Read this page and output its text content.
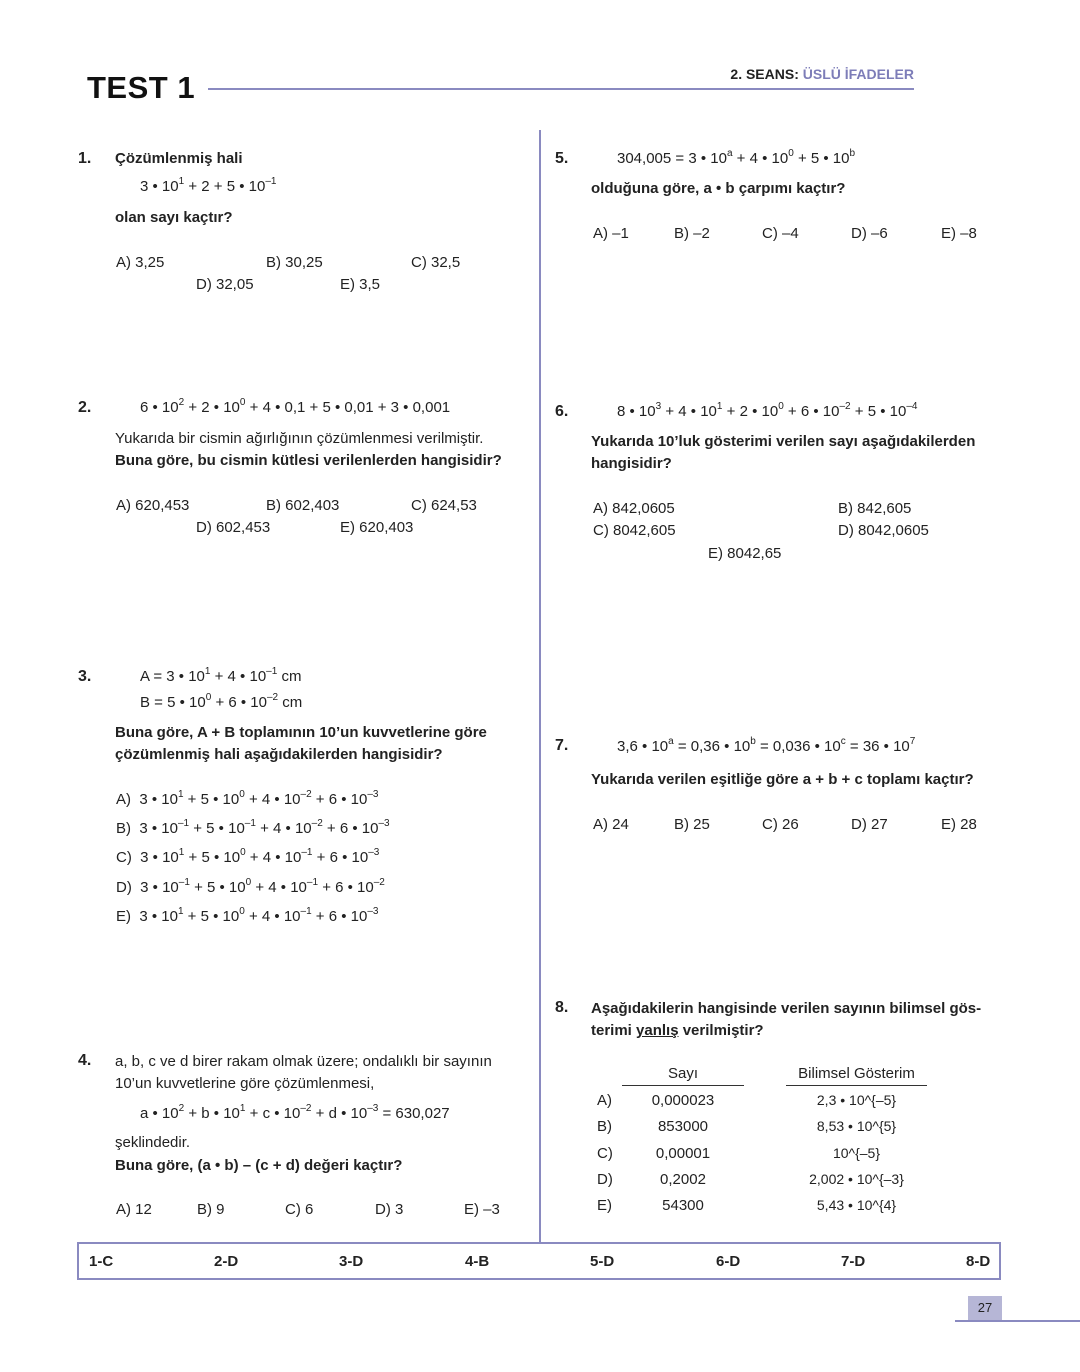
TEST 1	2. SEANS: ÜSLÜ İFADELER
1. Çözümlenmiş hali
3 • $10^1 + 2 + 5$ • $10^{-1}$
olan sayı kaçtır?
A) 3,25	B) 30,25	C) 32,5
D) 32,05	E) 3,5
2.	6 • $10^2 + 2$ • $10^0 + 4$ • 0,1 + 5 • 0,01 + 3 • 0,001
Yukarıda bir cismin ağırlığının çözümlenmesi verilmiştir.
Buna göre, bu cismin kütlesi verilenlerden hangisidir?
A) 620,453	B) 602,403	C) 624,53
D) 602,453	E) 620,403
3.	A = 3 • $10^1 + 4$ • $10^{-1}$ cm
B = 5 • $10^0 + 6$ • $10^{-2}$ cm
Buna göre, A + B toplamının 10’un kuvvetlerine göre
çözümlenmiş hali aşağıdakilerden hangisidir?
A)  3 • $10^1 + 5$ • $10^0 + 4$ • $10^{-2} + 6$ • $10^{-3}$
B)  3 • $10^{-1} + 5$ • $10^{-1} + 4$ • $10^{-2} + 6$ • $10^{-3}$
C)  3 • $10^1 + 5$ • $10^0 + 4$ • $10^{-1} + 6$ • $10^{-3}$
D)  3 • $10^{-1} + 5$ • $10^0 + 4$ • $10^{-1} + 6$ • $10^{-2}$
E)  3 • $10^1 + 5$ • $10^0 + 4$ • $10^{-1} + 6$ • $10^{-3}$
4. a, b, c ve d birer rakam olmak üzere; ondalıklı bir sayının
10’un kuvvetlerine göre çözümlenmesi,
a • $10^2 + b$ • $10^1 + c$ • $10^{-2} + d$ • $10^{-3} = 630,027$
şeklindedir.
Buna göre, (a • b) – (c + d) değeri kaçtır?
A) 12	B) 9	C) 6	D) 3	E) –3
5.	304,005 = 3 • $10^a + 4$ • $10^0 + 5$ • 10$^b$
olduğuna göre, a • b çarpımı kaçtır?
A) –1	B) –2	C) –4	D) –6	E) –8
6.	8 • $10^3 + 4$ • $10^1 + 2$ • $10^0 + 6$ • $10^{-2} + 5$ • $10^{-4}$
Yukarıda 10’luk gösterimi verilen sayı aşağıdakilerden
hangisidir?
A) 842,0605	B) 842,605
C) 8042,605	D) 8042,0605
E) 8042,65
7.	3,6 • $10^a = 0,36$ • $10^b = 0,036$ • $10^c = 36$ • $10^7$
Yukarıda verilen eşitliğe göre a + b + c toplamı kaçtır?
A) 24	B) 25	C) 26	D) 27	E) 28
8. Aşağıdakilerin hangisinde verilen sayının bilimsel gös-
terimi yanlış verilmiştir?
Sayı	Bilimsel Gösterim
A)	0,000023	2,3 • 10^{–5}
B)	853000	8,53 • 10^{5}
C)	0,00001	10^{–5}
D)	0,2002	2,002 • 10^{–3}
E)	54300	5,43 • 10^{4}
1-C	2-D	3-D	4-B	5-D	6-D	7-D	8-D
27
